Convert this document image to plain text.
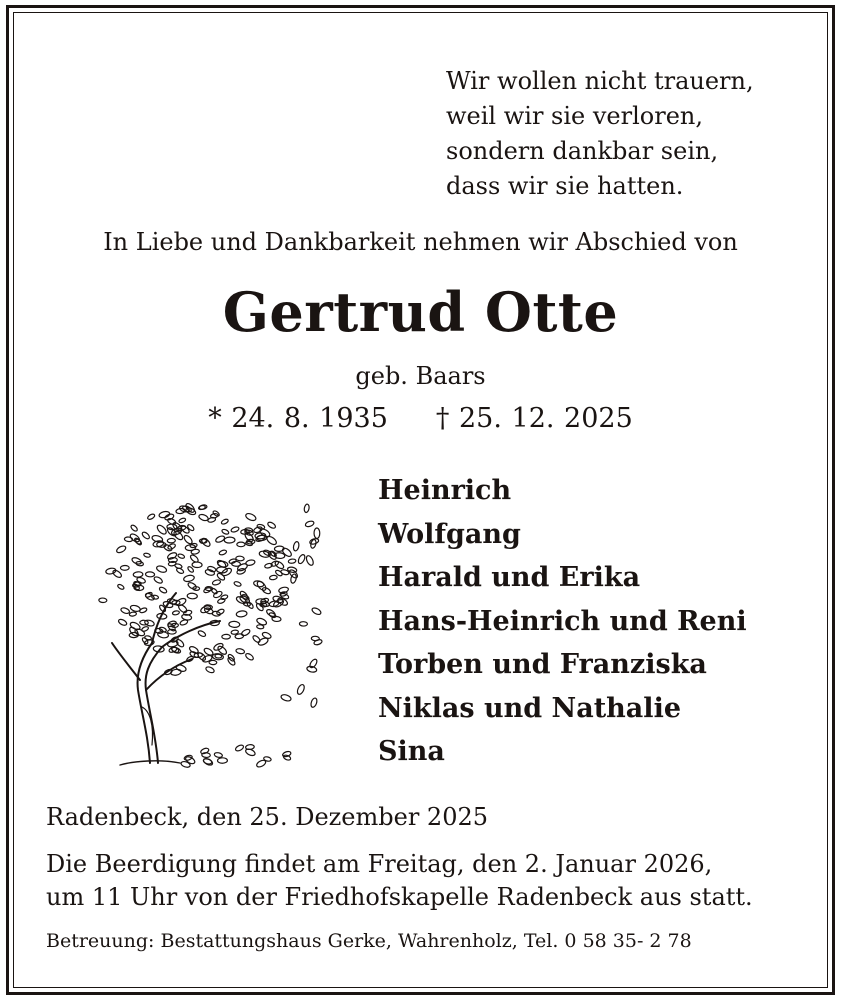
Wir wollen nicht trauern,
weil wir sie verloren,
sondern dankbar sein,
dass wir sie hatten.
In Liebe und Dankbarkeit nehmen wir Abschied von
Gertrud Otte
geb. Baars
* 24. 8. 1935 † 25. 12. 2025
Heinrich
Wolfgang
Harald und Erika
Hans-Heinrich und Reni
Torben und Franziska
Niklas und Nathalie
Sina
Radenbeck, den 25. Dezember 2025
Die Beerdigung findet am Freitag, den 2. Januar 2026,
um 11 Uhr von der Friedhofskapelle Radenbeck aus statt.
Betreuung: Bestattungshaus Gerke, Wahrenholz, Tel. 0 58 35- 2 78
